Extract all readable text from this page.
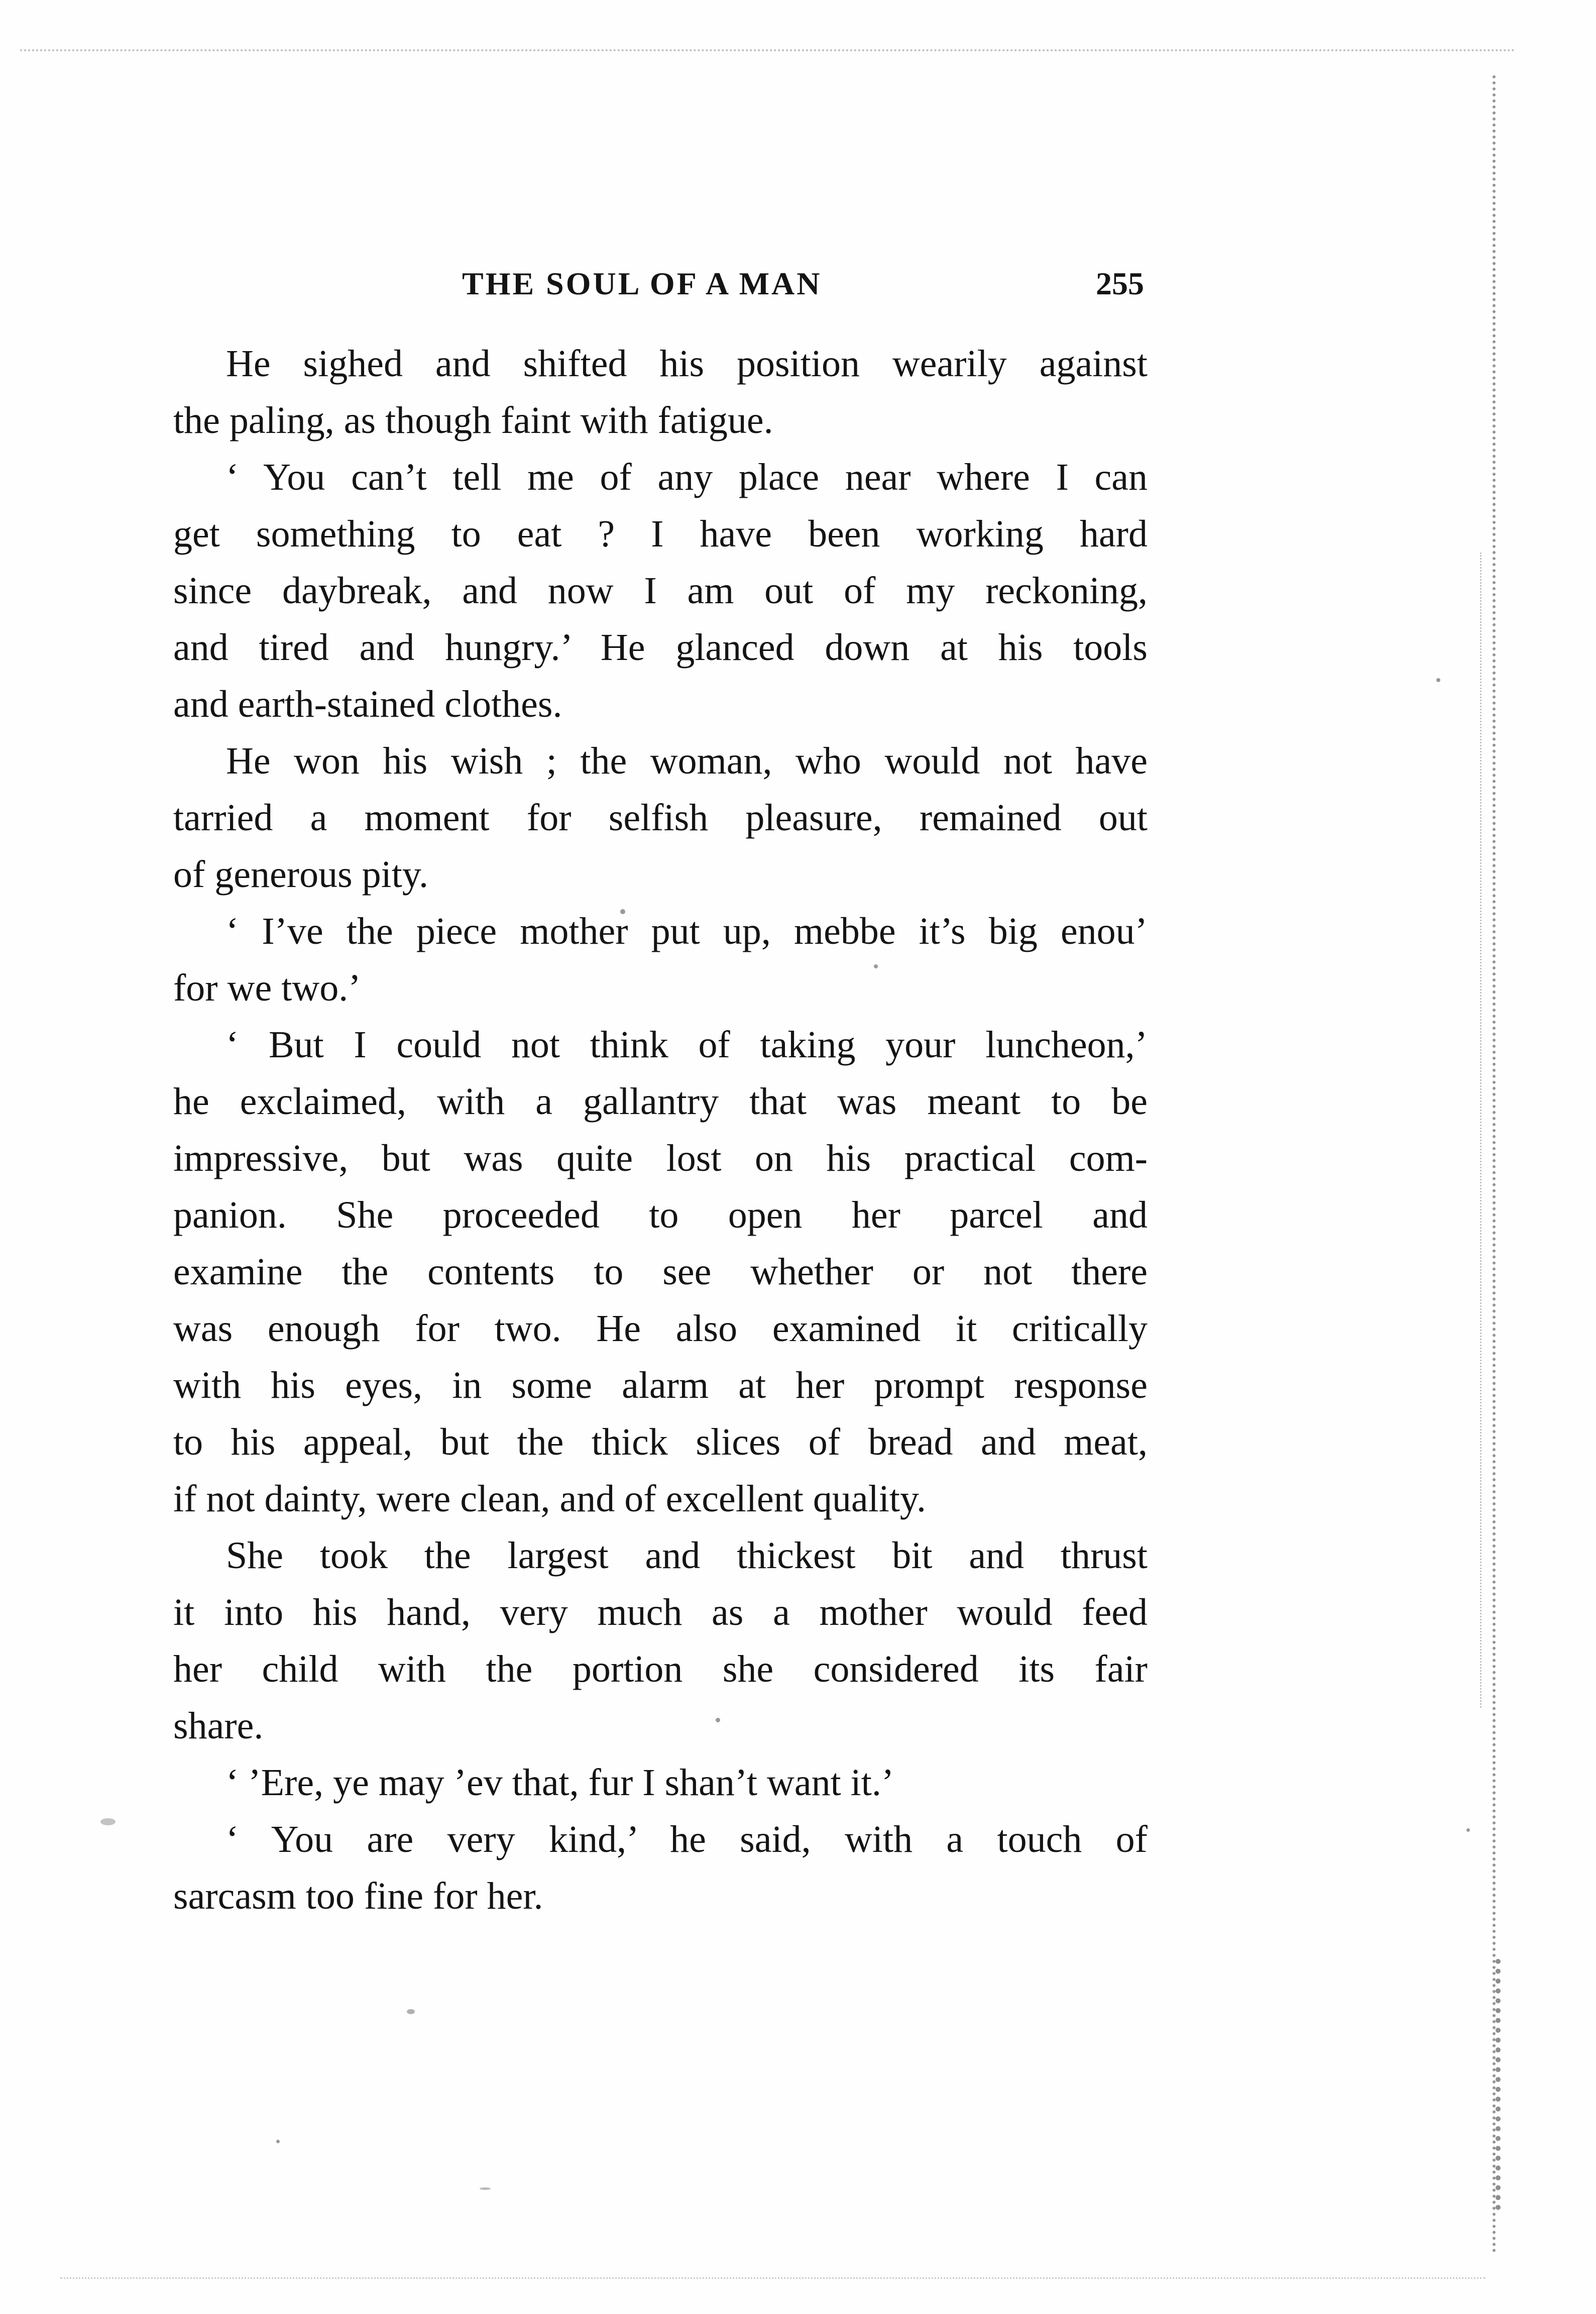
THE SOUL OF A MAN	255
He sighed and shifted his position wearily against
the paling, as though faint with fatigue.
‘ You can’t tell me of any place near where I can
get something to eat ? I have been working hard
since daybreak, and now I am out of my reckoning,
and tired and hungry.’ He glanced down at his tools
and earth-stained clothes.
He won his wish ; the woman, who would not have
tarried a moment for selfish pleasure, remained out
of generous pity.
‘ I’ve the piece mother put up, mebbe it’s big enou’
for we two.’
‘ But I could not think of taking your luncheon,’
he exclaimed, with a gallantry that was meant to be
impressive, but was quite lost on his practical com-
panion. She proceeded to open her parcel and
examine the contents to see whether or not there
was enough for two. He also examined it critically
with his eyes, in some alarm at her prompt response
to his appeal, but the thick slices of bread and meat,
if not dainty, were clean, and of excellent quality.
She took the largest and thickest bit and thrust
it into his hand, very much as a mother would feed
her child with the portion she considered its fair
share.
‘ ’Ere, ye may ’ev that, fur I shan’t want it.’
‘ You are very kind,’ he said, with a touch of
sarcasm too fine for her.
